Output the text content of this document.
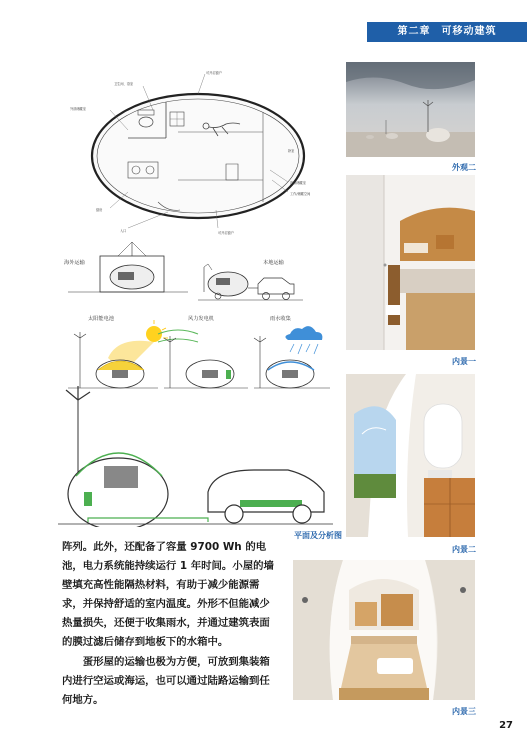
第二章　可移动建筑
卫生间、浴室
可开启窗户
外部储藏室
内部储藏室
工作/储藏空间
可开启窗户
入口
厨房
卧室
海外运输	本地运输
太阳能电池	风力发电机	雨水收集
外观二
内景一
内景二
平面及分析图
内景三

阵列。此外，还配备了容量 9700 Wh 的电池，电力系统能持续运行 1 年时间。小屋的墙壁填充高性能隔热材料，有助于减少能源需求，并保持舒适的室内温度。外形不但能减少热量损失，还便于收集雨水，并通过建筑表面的膜过滤后储存到地板下的水箱中。

　　蛋形屋的运输也极为方便，可放到集装箱内进行空运或海运，也可以通过陆路运输到任何地方。

27
